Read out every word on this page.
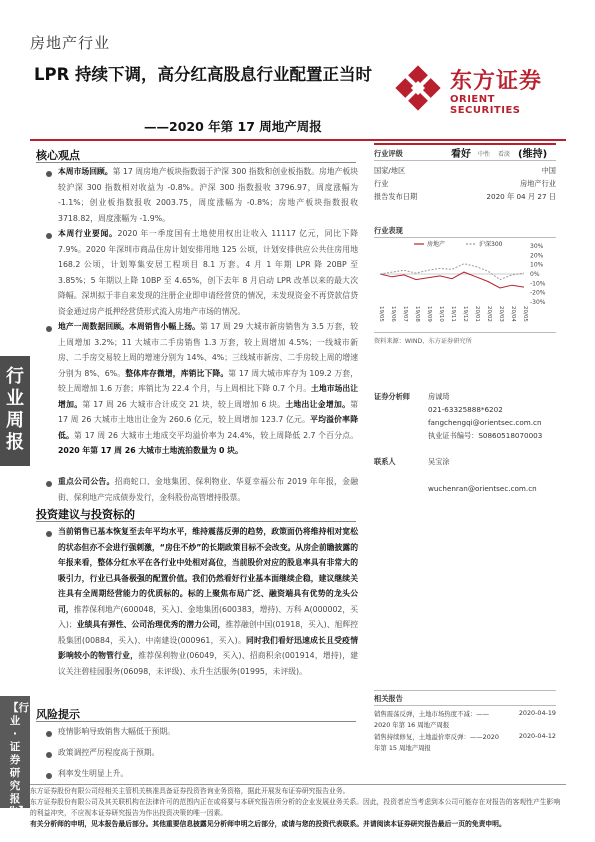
房地产行业
LPR 持续下调，高分红高股息行业配置正当时
——2020 年第 17 周地产周报
东方证券
ORIENT SECURITIES
行业周报
【行业·证券研究报告】
核心观点
本周市场回顾。第 17 周房地产板块指数弱于沪深 300 指数和创业板指数。房地产板块较沪深 300 指数相对收益为 -0.8%。沪深 300 指数报收 3796.97，周度涨幅为 -1.1%；创业板指数报收 2003.75，周度涨幅为 -0.8%；房地产板块指数报收 3718.82，周度涨幅为 -1.9%。
本周行业要闻。2020 年一季度国有土地使用权出让收入 11117 亿元，同比下降 7.9%。2020 年深圳市商品住房计划安排用地 125 公顷，计划安排供应公共住房用地 168.2 公顷，计划筹集安居工程项目 8.1 万套。4 月 1 年期 LPR 降 20BP 至 3.85%；5 年期以上降 10BP 至 4.65%，创下去年 8 月启动 LPR 改革以来的最大次降幅。深圳拟于非自来发现的注册企业即申请经营贷的情况，未发现资金不再贷款信贷资金通过房产抵押经营贷形式流入房地产市场的情况。
地产一周数据回顾。本周销售小幅上扬。第 17 周 29 大城市新房销售为 3.5 万套，较上周增加 3.2%；11 大城市二手房销售 1.3 万套，较上周增加 4.5%；一线城市新房、二手房交易较上周的增速分别为 14%、4%；三线城市新房、二手房较上周的增速分别为 8%、6%。整体库存微增，库销比下降。第 17 周大城市库存为 109.2 万套，较上周增加 1.6 万套；库销比为 22.4 个月，与上周相比下降 0.7 个月。土地市场出让增加。第 17 周 26 大城市合计成交 21 块，较上周增加 6 块。土地出让金增加。第 17 周 26 大城市土地出让金为 260.6 亿元，较上周增加 123.7 亿元。平均溢价率降低。第 17 周 26 大城市土地成交平均溢价率为 24.4%，较上周降低 2.7 个百分点。2020 年第 17 周 26 大城市土地流拍数量为 0 块。
重点公司公告。招商蛇口、金地集团、保利物业、华夏幸福公布 2019 年年报，金融街、保利地产完成债券发行，金科股份高管增持股票。
投资建议与投资标的
当前销售已基本恢复至去年平均水平，维持震荡反弹的趋势，政策面仍将维持相对宽松的状态但亦不会进行强刺激，“房住不炒”的长期政策目标不会改变。从房企前瞻披露的年报来看，整体分红水平在各行业中处相对高位，当前股价对应的股息率具有非常大的吸引力，行业已具备极强的配置价值。我们仍然看好行业基本面继续企稳，建议继续关注具有全周期经营能力的优质标的。标的上聚焦布局广泛、融资端具有优势的龙头公司，推荐保利地产(600048，买入)、金地集团(600383，增持)、万科 A(000002，买入)；业绩具有弹性、公司治理优秀的潜力公司，推荐融创中国(01918，买入)、旭辉控股集团(00884，买入)、中南建设(000961，买入)。同时我们看好迅速成长且受疫情影响较小的物管行业，推荐保利物业(06049，买入)、招商积余(001914，增持)，建议关注碧桂园服务(06098，未评级)、永升生活服务(01995，未评级)。
风险提示
疫情影响导致销售大幅低于预期。
政策调控严厉程度高于预期。
利率发生明显上升。
行业评级	看好 中性 看淡 (维持)
国家/地区	中国
行业	房地产行业
报告发布日期	2020 年 04 月 27 日
行业表现
30%
20%
10%
0%
-10%
-20%
-30%
19/05 19/06 19/07 19/08 19/09 19/10 19/11 19/12 20/01 20/02 20/03 20/04 20/05
房地产	沪深300
资料来源：WIND、东方证券研究所
证券分析师	房诚琦
021-63325888*6202
fangchengqi@orientsec.com.cn
执业证书编号：S0860518070003
联系人	吴宝涂
wuchenran@orientsec.com.cn
相关报告
销售震荡反弹，土地市场热度不减：——2020 年第 16 周地产周报
2020-04-19
销售持续修复，土地溢价率反弹：——2020 年第 15 周地产周报
2020-04-12
东方证券股份有限公司经相关主管机关核准具备证券投资咨询业务资格，据此开展发布证券研究报告业务。
东方证券股份有限公司及其关联机构在法律许可的范围内正在或将要与本研究报告所分析的企业发展业务关系。因此，投资者应当考虑到本公司可能存在对报告的客观性产生影响的利益冲突，不应视本证券研究报告为作出投资决策的唯一因素。
有关分析师的申明，见本报告最后部分。其他重要信息披露见分析师申明之后部分，或请与您的投资代表联系。并请阅读本证券研究报告最后一页的免责申明。
